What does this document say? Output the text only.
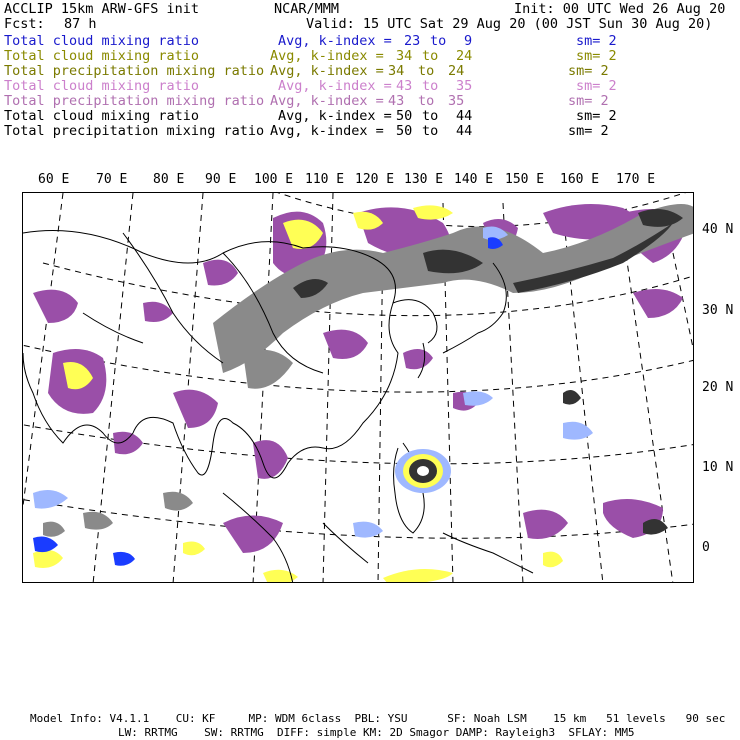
ACCLIP 15km ARW-GFS init	NCAR/MMM	Init: 00 UTC Wed 26 Aug 20
Fcst: 87 h	Valid: 15 UTC Sat 29 Aug 20 (00 JST Sun 30 Aug 20)
Total cloud mixing ratio	Avg, k-index = 23 to 9	sm= 2
Total cloud mixing ratio	Avg, k-index = 34 to 24	sm= 2
Total precipitation mixing ratio Avg, k-index = 34 to 24	sm= 2
Total cloud mixing ratio	Avg, k-index = 43 to 35	sm= 2
Total precipitation mixing ratio Avg, k-index = 43 to 35	sm= 2
Total cloud mixing ratio	Avg, k-index = 50 to 44	sm= 2
Total precipitation mixing ratio Avg, k-index = 50 to 44	sm= 2
60 E 70 E 80 E 90 E 100 E 110 E 120 E 130 E 140 E 150 E 160 E 170 E
40 N
30 N
20 N
10 N
0
Model Info: V4.1.1    CU: KF     MP: WDM 6class  PBL: YSU      SF: Noah LSM    15 km   51 levels   90 sec
LW: RRTMG    SW: RRTMG  DIFF: simple KM: 2D Smagor DAMP: Rayleigh3  SFLAY: MM5
